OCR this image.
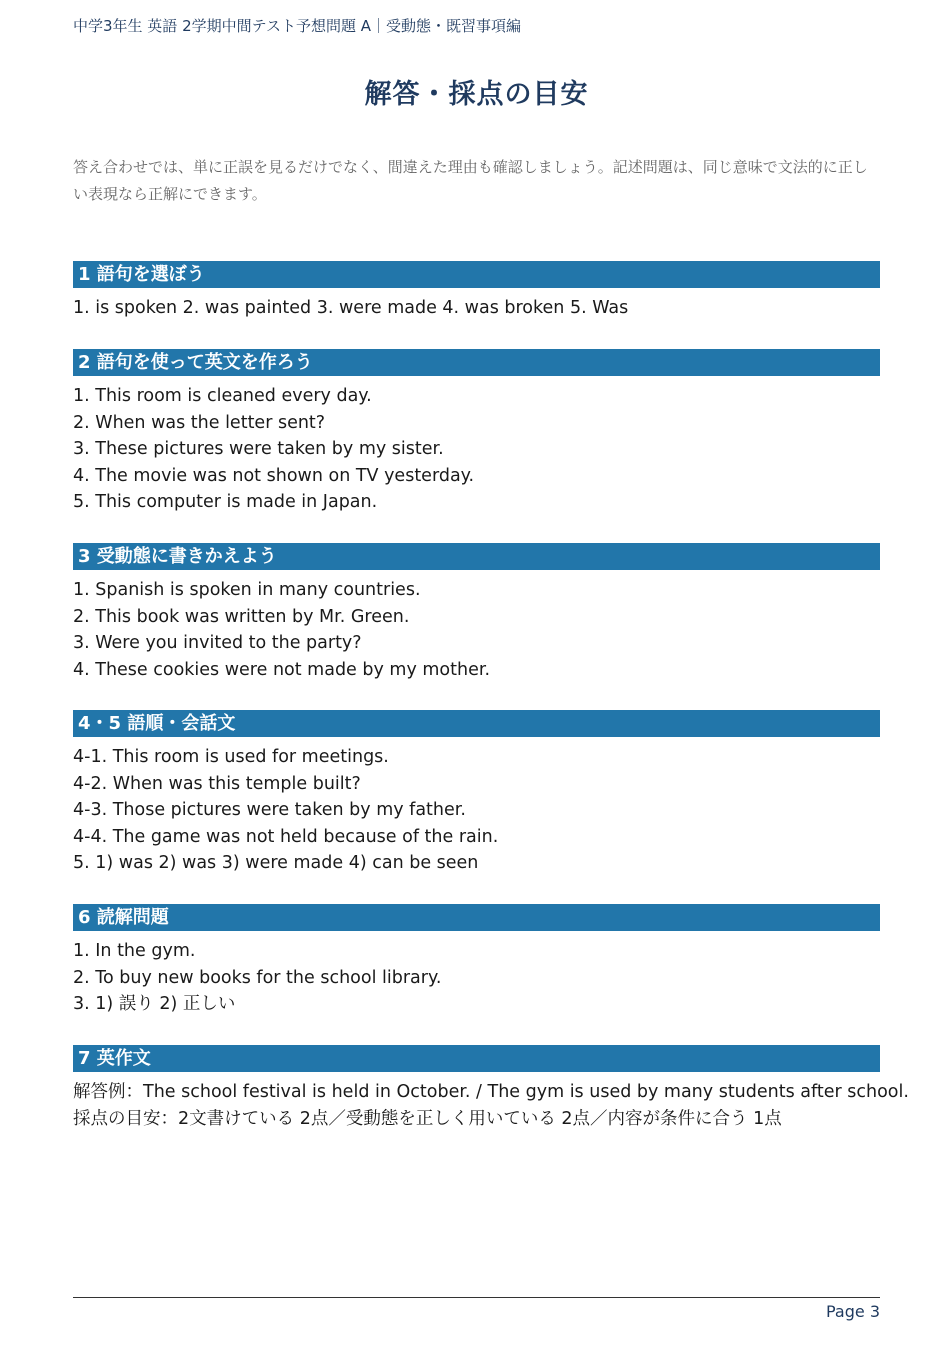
中学3年生 英語 2学期中間テスト予想問題 A｜受動態・既習事項編
解答・採点の目安
答え合わせでは、単に正誤を見るだけでなく、間違えた理由も確認しましょう。記述問題は、同じ意味で文法的に正しい表現なら正解にできます。
1 語句を選ぼう
1. is spoken 2. was painted 3. were made 4. was broken 5. Was
2 語句を使って英文を作ろう
1. This room is cleaned every day.
2. When was the letter sent?
3. These pictures were taken by my sister.
4. The movie was not shown on TV yesterday.
5. This computer is made in Japan.
3 受動態に書きかえよう
1. Spanish is spoken in many countries.
2. This book was written by Mr. Green.
3. Were you invited to the party?
4. These cookies were not made by my mother.
4・5 語順・会話文
4-1. This room is used for meetings.
4-2. When was this temple built?
4-3. Those pictures were taken by my father.
4-4. The game was not held because of the rain.
5. 1) was 2) was 3) were made 4) can be seen
6 読解問題
1. In the gym.
2. To buy new books for the school library.
3. 1) 誤り 2) 正しい
7 英作文
解答例：The school festival is held in October. / The gym is used by many students after school.
採点の目安：2文書けている 2点／受動態を正しく用いている 2点／内容が条件に合う 1点
Page 3
